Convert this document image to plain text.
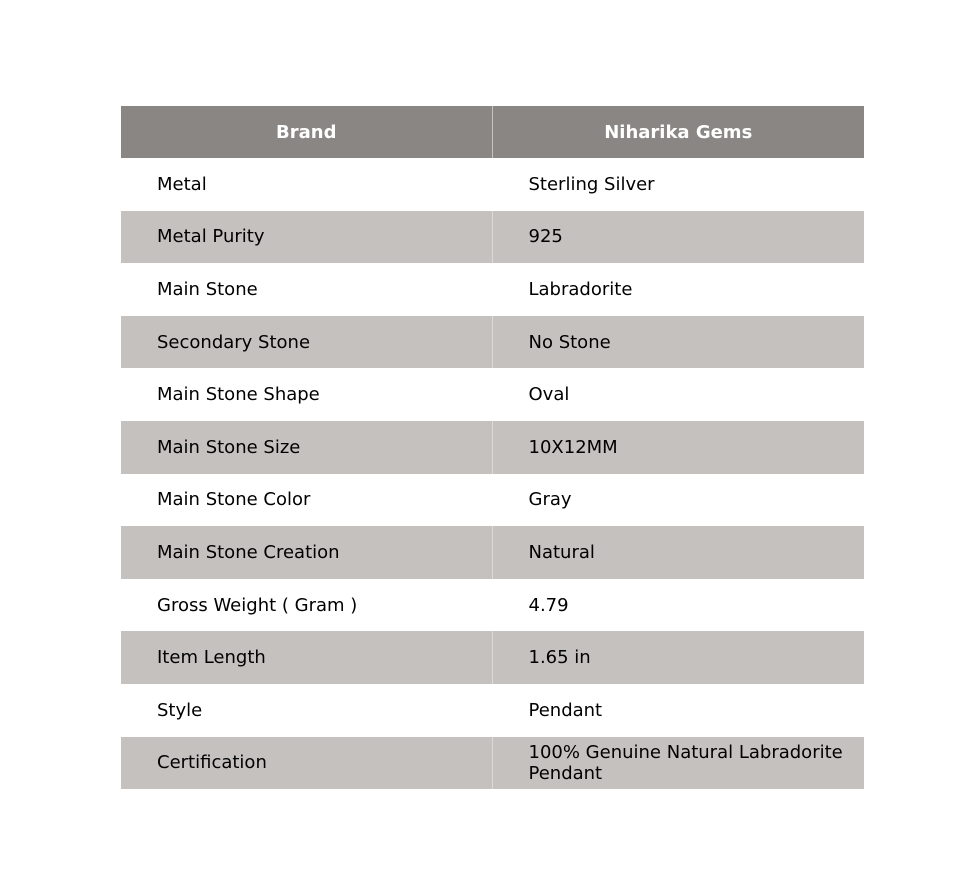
Brand	Niharika Gems
Metal	Sterling Silver
Metal Purity	925
Main Stone	Labradorite
Secondary Stone	No Stone
Main Stone Shape	Oval
Main Stone Size	10X12MM
Main Stone Color	Gray
Main Stone Creation	Natural
Gross Weight ( Gram )	4.79
Item Length	1.65 in
Style	Pendant
Certification	100% Genuine Natural Labradorite Pendant
